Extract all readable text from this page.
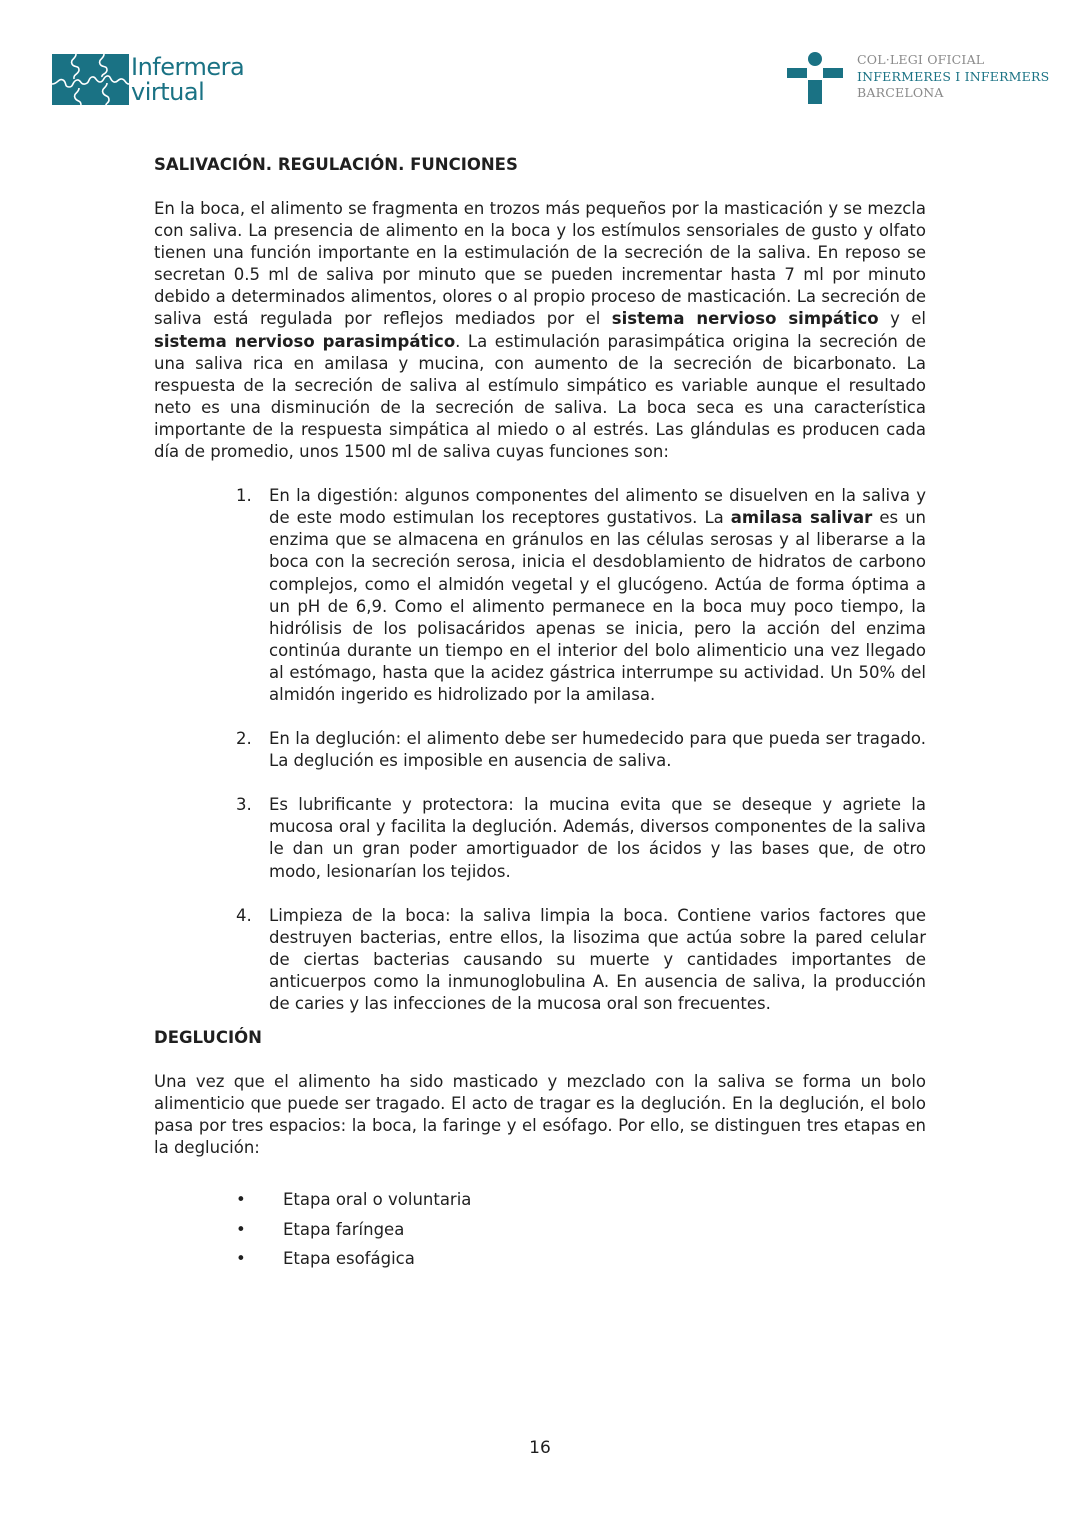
Infermera
virtual
COL·LEGI OFICIAL
INFERMERES I INFERMERS
BARCELONA
SALIVACIÓN. REGULACIÓN. FUNCIONES

En la boca, el alimento se fragmenta en trozos más pequeños por la masticación y se mezcla con saliva. La presencia de alimento en la boca y los estímulos sensoriales de gusto y olfato tienen una función importante en la estimulación de la secreción de la saliva. En reposo se secretan 0.5 ml de saliva por minuto que se pueden incrementar hasta 7 ml por minuto debido a determinados alimentos, olores o al propio proceso de masticación. La secreción de saliva está regulada por reflejos mediados por el sistema nervioso simpático y el sistema nervioso parasimpático. La estimulación parasimpática origina la secreción de una saliva rica en amilasa y mucina, con aumento de la secreción de bicarbonato. La respuesta de la secreción de saliva al estímulo simpático es variable aunque el resultado neto es una disminución de la secreción de saliva. La boca seca es una característica importante de la respuesta simpática al miedo o al estrés. Las glándulas es producen cada día de promedio, unos 1500 ml de saliva cuyas funciones son:

1. En la digestión: algunos componentes del alimento se disuelven en la saliva y de este modo estimulan los receptores gustativos. La amilasa salivar es un enzima que se almacena en gránulos en las células serosas y al liberarse a la boca con la secreción serosa, inicia el desdoblamiento de hidratos de carbono complejos, como el almidón vegetal y el glucógeno. Actúa de forma óptima a un pH de 6,9. Como el alimento permanece en la boca muy poco tiempo, la hidrólisis de los polisacáridos apenas se inicia, pero la acción del enzima continúa durante un tiempo en el interior del bolo alimenticio una vez llegado al estómago, hasta que la acidez gástrica interrumpe su actividad. Un 50% del almidón ingerido es hidrolizado por la amilasa.
2. En la deglución: el alimento debe ser humedecido para que pueda ser tragado. La deglución es imposible en ausencia de saliva.
3. Es lubrificante y protectora: la mucina evita que se deseque y agriete la mucosa oral y facilita la deglución. Además, diversos componentes de la saliva le dan un gran poder amortiguador de los ácidos y las bases que, de otro modo, lesionarían los tejidos.
4. Limpieza de la boca: la saliva limpia la boca. Contiene varios factores que destruyen bacterias, entre ellos, la lisozima que actúa sobre la pared celular de ciertas bacterias causando su muerte y cantidades importantes de anticuerpos como la inmunoglobulina A. En ausencia de saliva, la producción de caries y las infecciones de la mucosa oral son frecuentes.
DEGLUCIÓN

Una vez que el alimento ha sido masticado y mezclado con la saliva se forma un bolo alimenticio que puede ser tragado. El acto de tragar es la deglución. En la deglución, el bolo pasa por tres espacios: la boca, la faringe y el esófago. Por ello, se distinguen tres etapas en la deglución:

• Etapa oral o voluntaria
• Etapa faríngea
• Etapa esofágica
16
